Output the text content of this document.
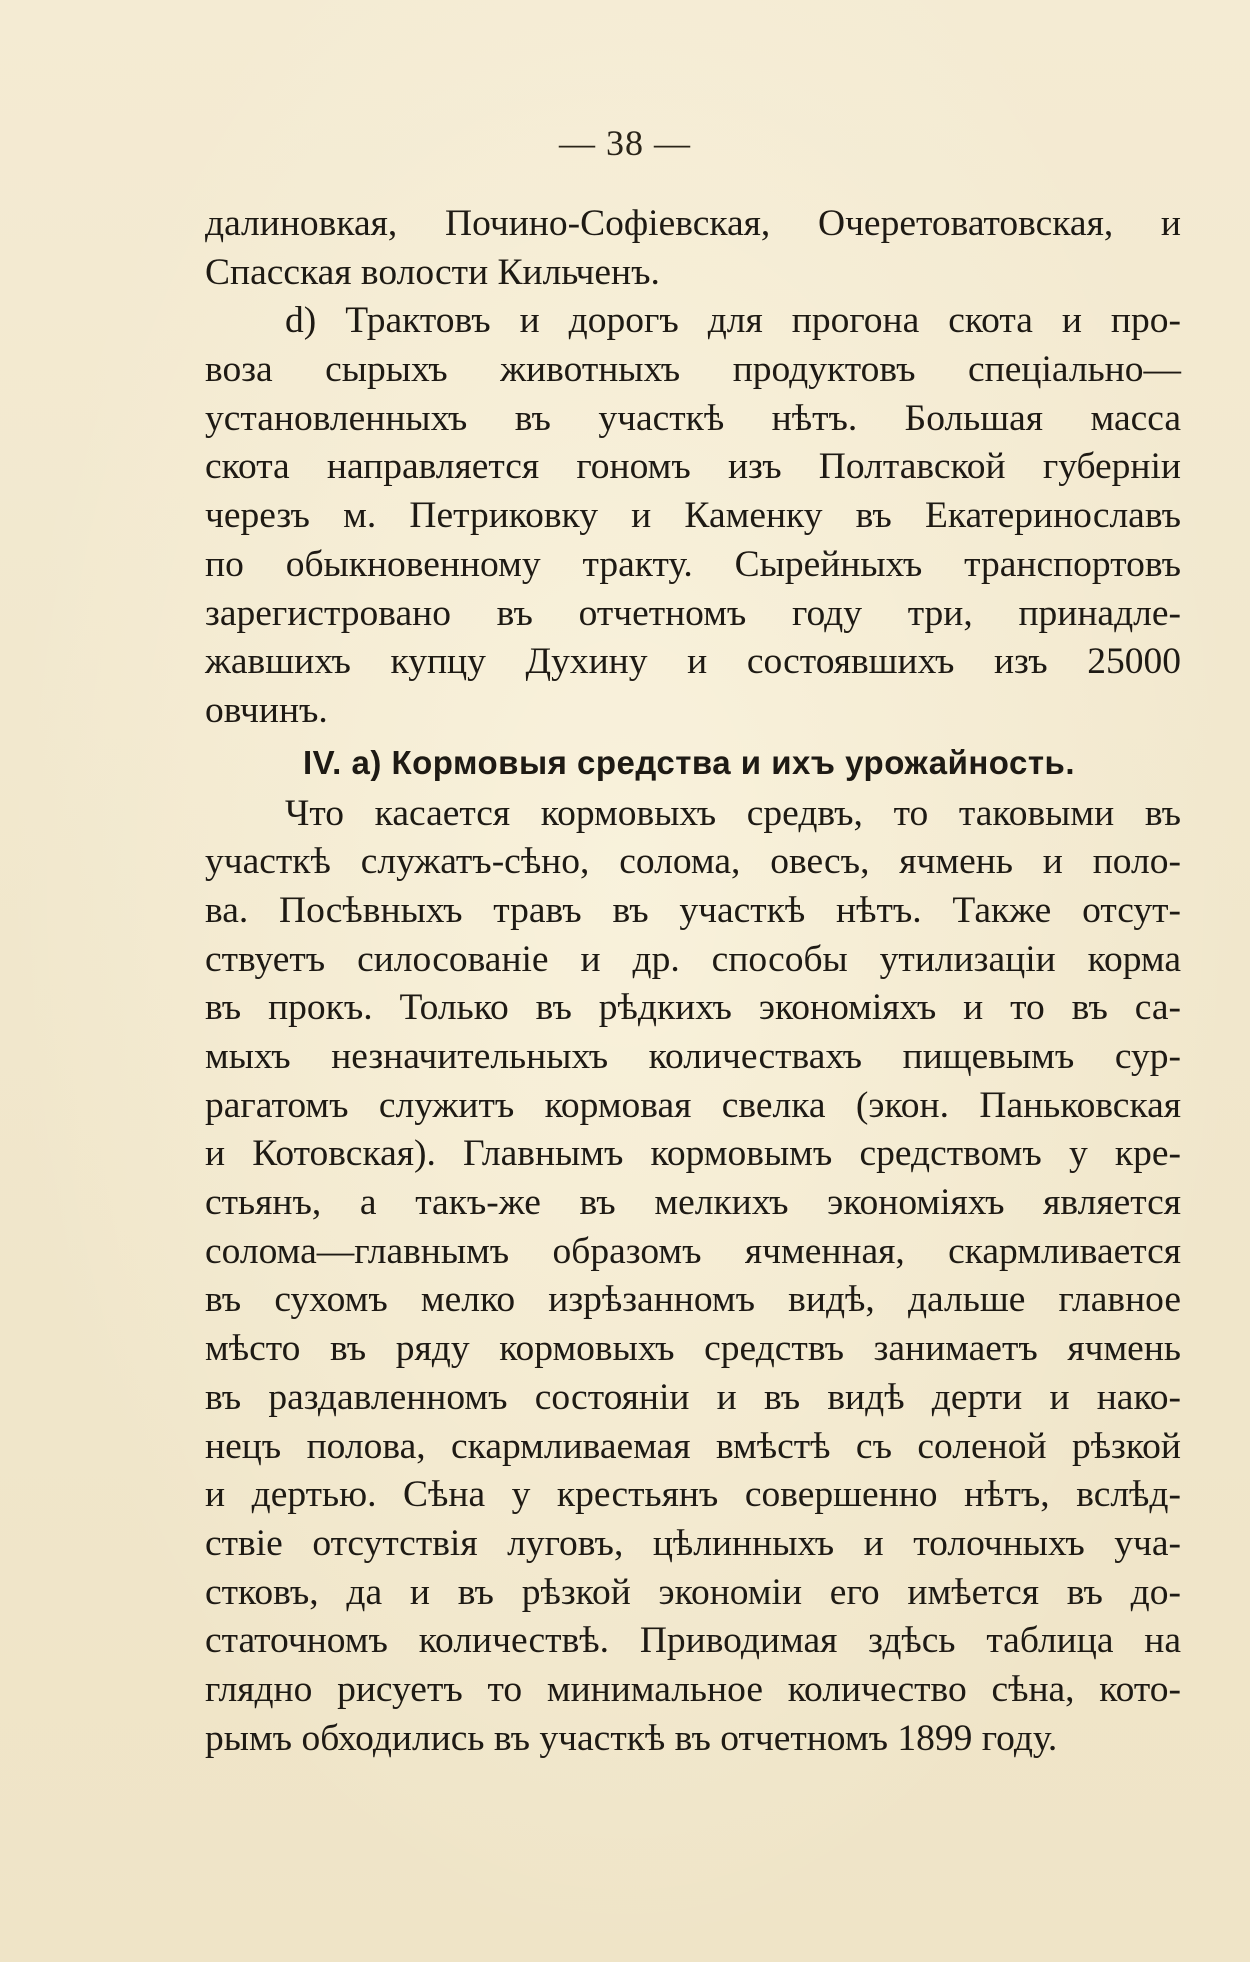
— 38 —
далиновкая, Почино-Софіевская, Очеретоватовская, и
Спасская волости Кильченъ.
d) Трактовъ и дорогъ для прогона скота и про-
воза сырыхъ животныхъ продуктовъ спеціально—
установленныхъ въ участкѣ нѣтъ. Большая масса
скота направляется гономъ изъ Полтавской губерніи
черезъ м. Петриковку и Каменку въ Екатеринославъ
по обыкновенному тракту. Сырейныхъ транспортовъ
зарегистровано въ отчетномъ году три, принадле-
жавшихъ купцу Духину и состоявшихъ изъ 25000
овчинъ.
IV. а) Кормовыя средства и ихъ урожайность.
Что касается кормовыхъ средвъ, то таковыми въ
участкѣ служатъ-сѣно, солома, овесъ, ячмень и поло-
ва. Посѣвныхъ травъ въ участкѣ нѣтъ. Также отсут-
ствуетъ силосованіе и др. способы утилизаціи корма
въ прокъ. Только въ рѣдкихъ экономіяхъ и то въ са-
мыхъ незначительныхъ количествахъ пищевымъ сур-
рагатомъ служитъ кормовая свелка (экон. Паньковская
и Котовская). Главнымъ кормовымъ средствомъ у кре-
стьянъ, а такъ-же въ мелкихъ экономіяхъ является
солома—главнымъ образомъ ячменная, скармливается
въ сухомъ мелко изрѣзанномъ видѣ, дальше главное
мѣсто въ ряду кормовыхъ средствъ занимаетъ ячмень
въ раздавленномъ состояніи и въ видѣ дерти и нако-
нецъ полова, скармливаемая вмѣстѣ съ соленой рѣзкой
и дертью. Сѣна у крестьянъ совершенно нѣтъ, вслѣд-
ствіе отсутствія луговъ, цѣлинныхъ и толочныхъ уча-
стковъ, да и въ рѣзкой экономіи его имѣется въ до-
статочномъ количествѣ. Приводимая здѣсь таблица на
глядно рисуетъ то минимальное количество сѣна, кото-
рымъ обходились въ участкѣ въ отчетномъ 1899 году.
